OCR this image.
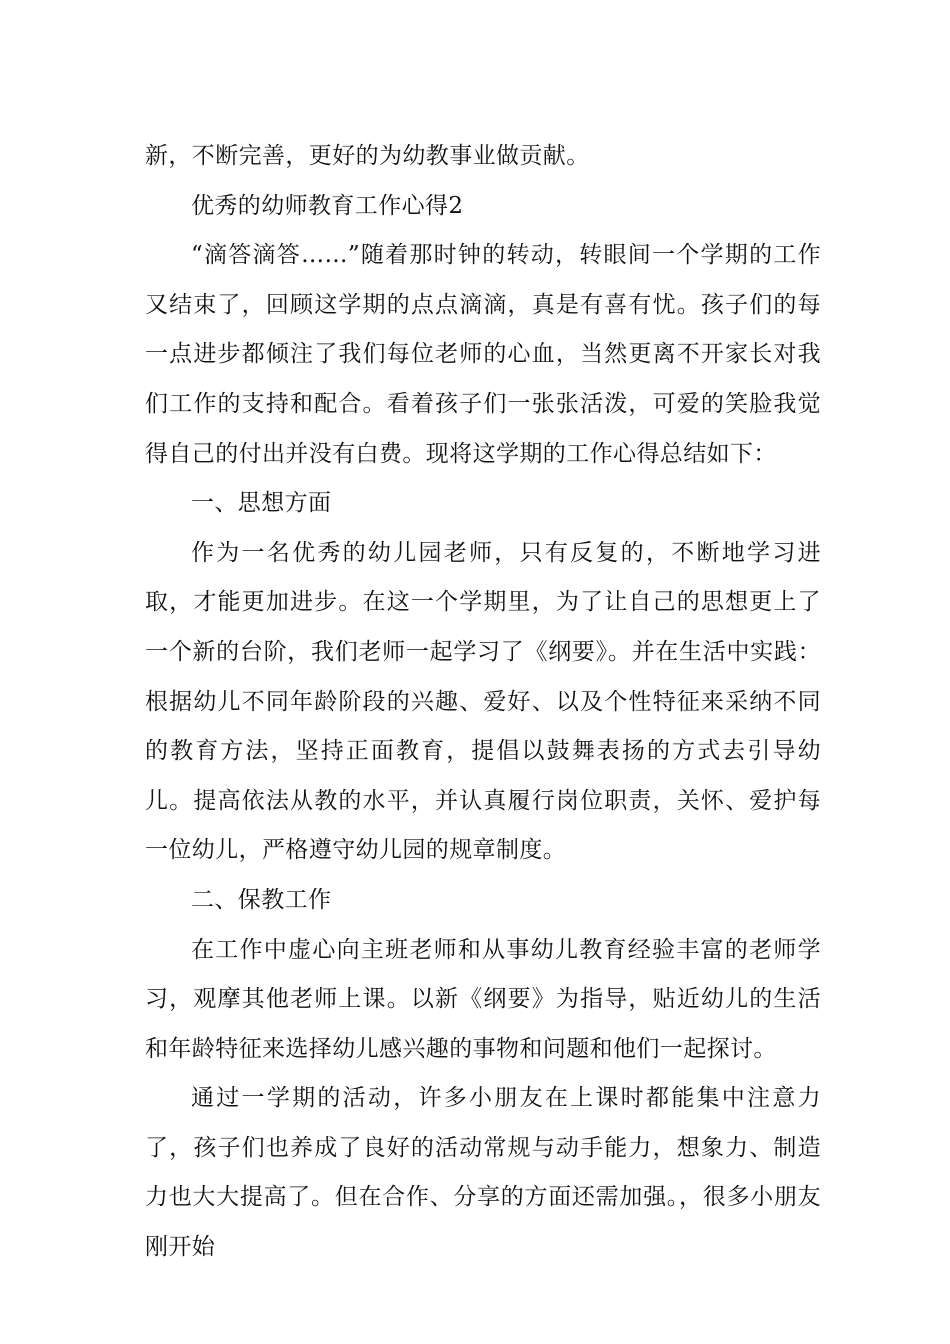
新，不断完善，更好的为幼教事业做贡献。

优秀的幼师教育工作心得2

“滴答滴答……”随着那时钟的转动，转眼间一个学期的工作又结束了，回顾这学期的点点滴滴，真是有喜有忧。孩子们的每一点进步都倾注了我们每位老师的心血，当然更离不开家长对我们工作的支持和配合。看着孩子们一张张活泼，可爱的笑脸我觉得自己的付出并没有白费。现将这学期的工作心得总结如下：

一、思想方面

作为一名优秀的幼儿园老师，只有反复的，不断地学习进取，才能更加进步。在这一个学期里，为了让自己的思想更上了一个新的台阶，我们老师一起学习了《纲要》。并在生活中实践：根据幼儿不同年龄阶段的兴趣、爱好、以及个性特征来采纳不同的教育方法，坚持正面教育，提倡以鼓舞表扬的方式去引导幼儿。提高依法从教的水平，并认真履行岗位职责，关怀、爱护每一位幼儿，严格遵守幼儿园的规章制度。

二、保教工作

在工作中虚心向主班老师和从事幼儿教育经验丰富的老师学习，观摩其他老师上课。以新《纲要》为指导，贴近幼儿的生活和年龄特征来选择幼儿感兴趣的事物和问题和他们一起探讨。

通过一学期的活动，许多小朋友在上课时都能集中注意力了，孩子们也养成了良好的活动常规与动手能力，想象力、制造力也大大提高了。但在合作、分享的方面还需加强。，很多小朋友刚开始
